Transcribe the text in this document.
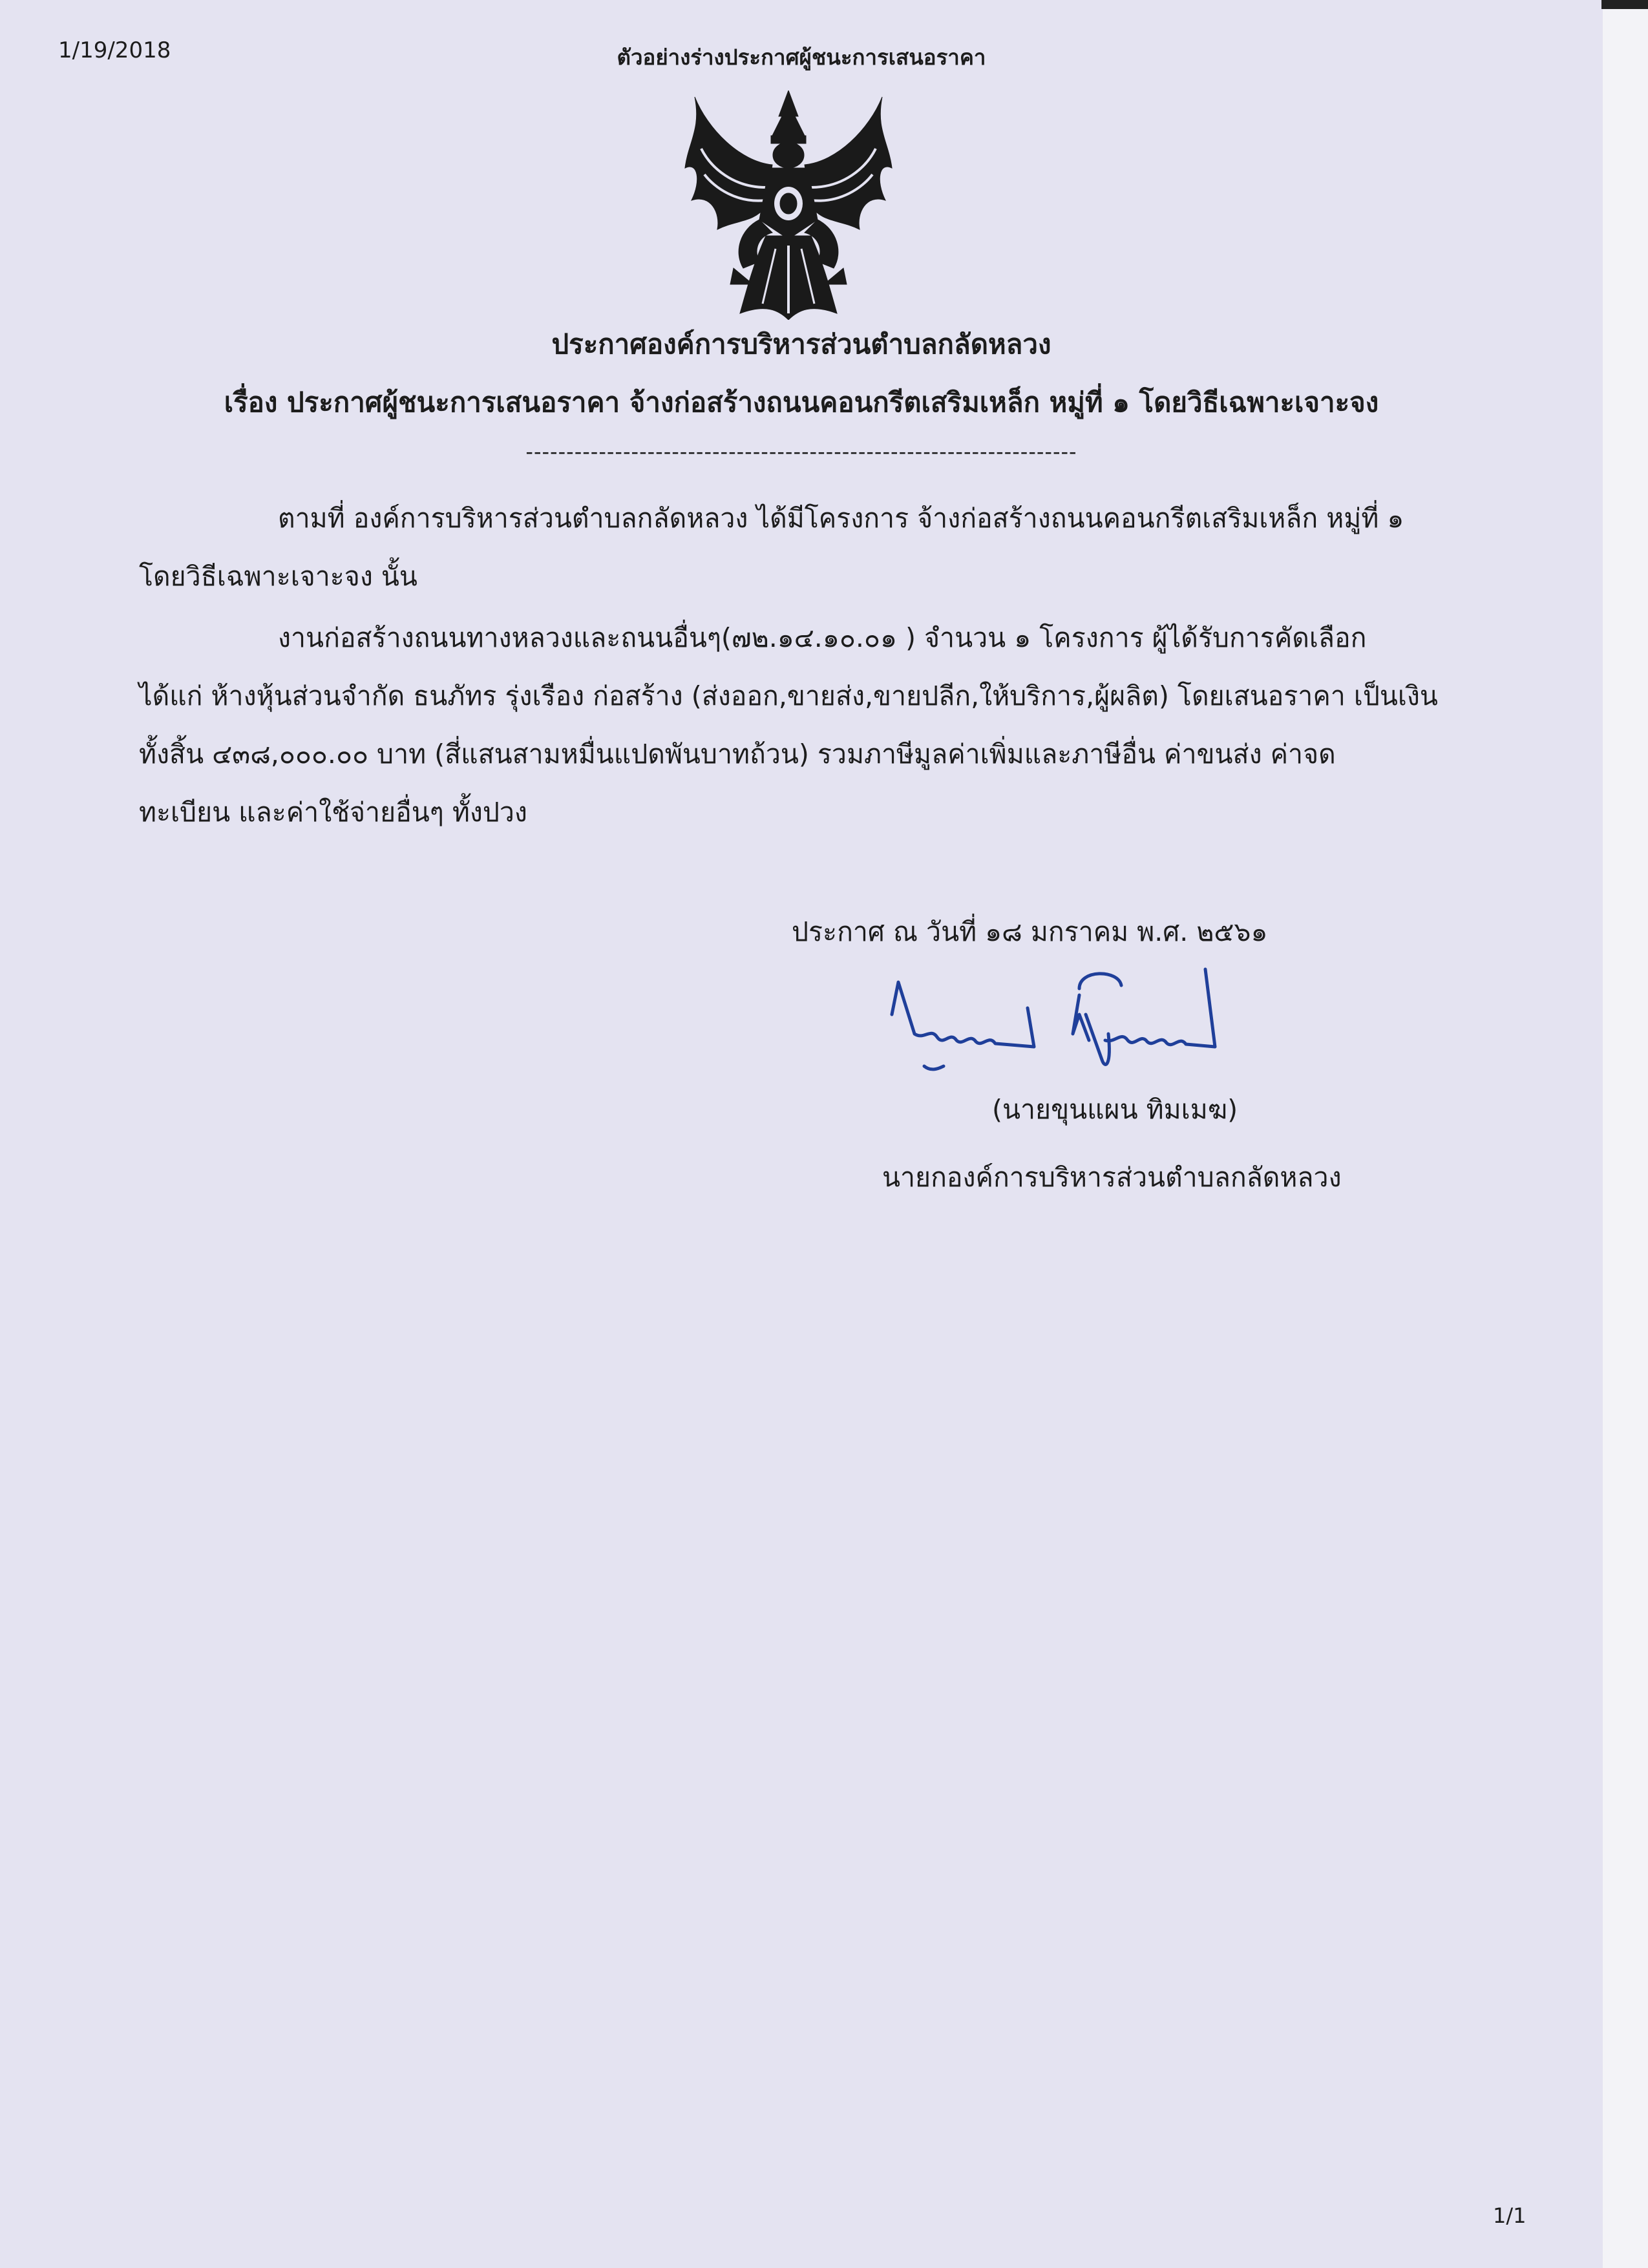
1/19/2018	ตัวอย่างร่างประกาศผู้ชนะการเสนอราคา
ประกาศองค์การบริหารส่วนตำบลกลัดหลวง
เรื่อง ประกาศผู้ชนะการเสนอราคา จ้างก่อสร้างถนนคอนกรีตเสริมเหล็ก หมู่ที่ ๑ โดยวิธีเฉพาะเจาะจง
--------------------------------------------------------------------
ตามที่ องค์การบริหารส่วนตำบลกลัดหลวง ได้มีโครงการ จ้างก่อสร้างถนนคอนกรีตเสริมเหล็ก หมู่ที่ ๑
โดยวิธีเฉพาะเจาะจง นั้น
งานก่อสร้างถนนทางหลวงและถนนอื่นๆ(๗๒.๑๔.๑๐.๐๑ ) จำนวน ๑ โครงการ ผู้ได้รับการคัดเลือก
ได้แก่ ห้างหุ้นส่วนจำกัด ธนภัทร รุ่งเรือง ก่อสร้าง (ส่งออก,ขายส่ง,ขายปลีก,ให้บริการ,ผู้ผลิต) โดยเสนอราคา เป็นเงิน
ทั้งสิ้น ๔๓๘,๐๐๐.๐๐ บาท (สี่แสนสามหมื่นแปดพันบาทถ้วน) รวมภาษีมูลค่าเพิ่มและภาษีอื่น ค่าขนส่ง ค่าจด
ทะเบียน และค่าใช้จ่ายอื่นๆ ทั้งปวง
ประกาศ ณ วันที่ ๑๘ มกราคม พ.ศ. ๒๕๖๑
(นายขุนแผน ทิมเมฆ)
นายกองค์การบริหารส่วนตำบลกลัดหลวง
1/1
